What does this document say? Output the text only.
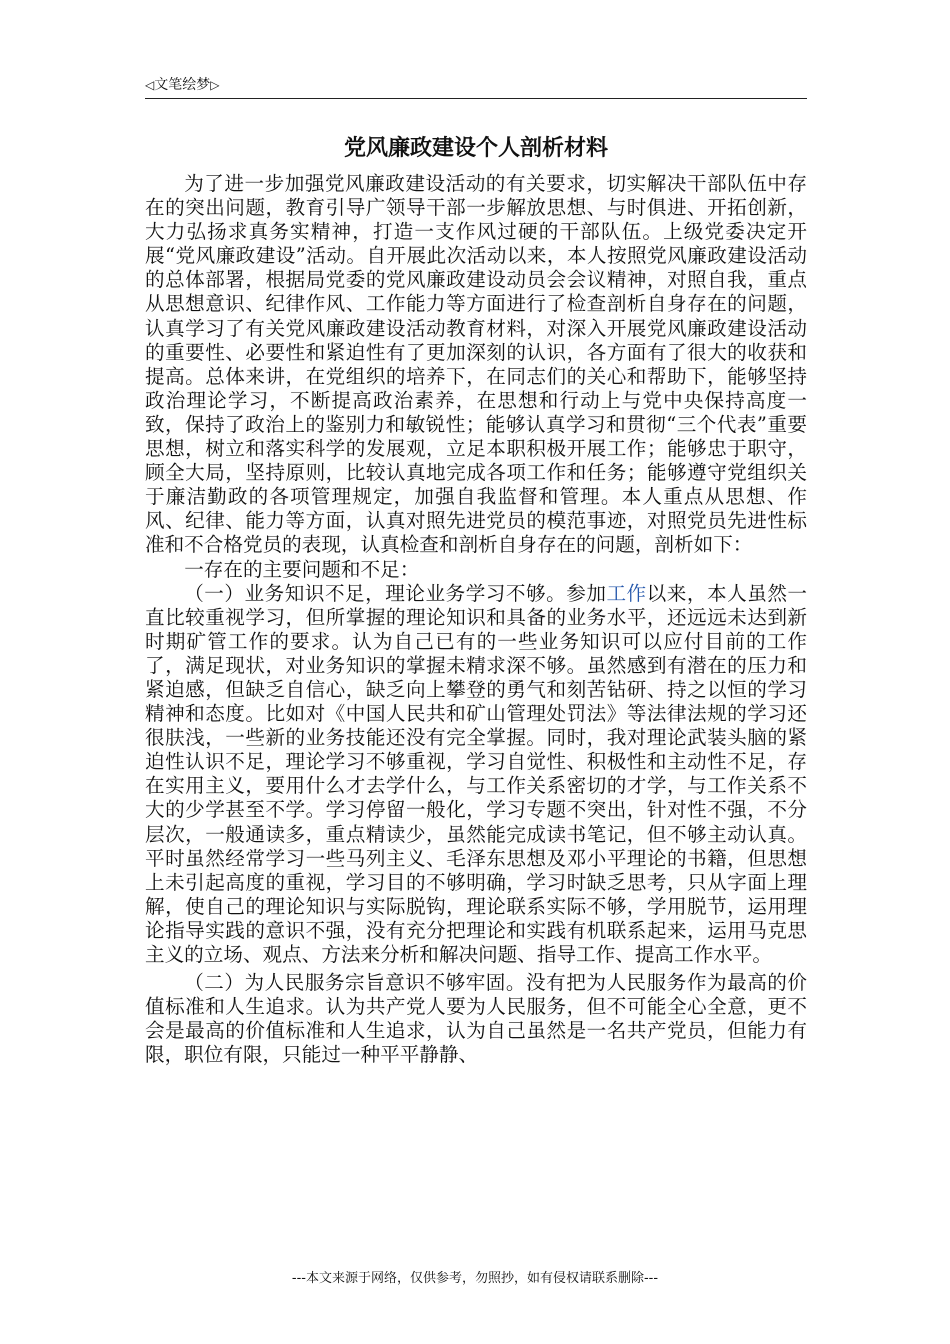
◁文笔绘梦▷
党风廉政建设个人剖析材料

为了进一步加强党风廉政建设活动的有关要求，切实解决干部队伍中存在的突出问题，教育引导广领导干部一步解放思想、与时俱进、开拓创新，大力弘扬求真务实精神，打造一支作风过硬的干部队伍。上级党委决定开展“党风廉政建设”活动。自开展此次活动以来，本人按照党风廉政建设活动的总体部署，根据局党委的党风廉政建设动员会会议精神，对照自我，重点从思想意识、纪律作风、工作能力等方面进行了检查剖析自身存在的问题，认真学习了有关党风廉政建设活动教育材料，对深入开展党风廉政建设活动的重要性、必要性和紧迫性有了更加深刻的认识，各方面有了很大的收获和提高。总体来讲，在党组织的培养下，在同志们的关心和帮助下，能够坚持政治理论学习，不断提高政治素养，在思想和行动上与党中央保持高度一致，保持了政治上的鉴别力和敏锐性；能够认真学习和贯彻“三个代表”重要思想，树立和落实科学的发展观，立足本职积极开展工作；能够忠于职守，顾全大局，坚持原则，比较认真地完成各项工作和任务；能够遵守党组织关于廉洁勤政的各项管理规定，加强自我监督和管理。本人重点从思想、作风、纪律、能力等方面，认真对照先进党员的模范事迹，对照党员先进性标准和不合格党员的表现，认真检查和剖析自身存在的问题，剖析如下：

一存在的主要问题和不足：

（一）业务知识不足，理论业务学习不够。参加工作以来，本人虽然一直比较重视学习，但所掌握的理论知识和具备的业务水平，还远远未达到新时期矿管工作的要求。认为自己已有的一些业务知识可以应付目前的工作了，满足现状，对业务知识的掌握未精求深不够。虽然感到有潜在的压力和紧迫感，但缺乏自信心，缺乏向上攀登的勇气和刻苦钻研、持之以恒的学习精神和态度。比如对《中国人民共和矿山管理处罚法》等法律法规的学习还很肤浅，一些新的业务技能还没有完全掌握。同时，我对理论武装头脑的紧迫性认识不足，理论学习不够重视，学习自觉性、积极性和主动性不足，存在实用主义，要用什么才去学什么，与工作关系密切的才学，与工作关系不大的少学甚至不学。学习停留一般化，学习专题不突出，针对性不强，不分层次，一般通读多，重点精读少，虽然能完成读书笔记，但不够主动认真。平时虽然经常学习一些马列主义、毛泽东思想及邓小平理论的书籍，但思想上未引起高度的重视，学习目的不够明确，学习时缺乏思考，只从字面上理解，使自己的理论知识与实际脱钩，理论联系实际不够，学用脱节，运用理论指导实践的意识不强，没有充分把理论和实践有机联系起来，运用马克思主义的立场、观点、方法来分析和解决问题、指导工作、提高工作水平。

（二）为人民服务宗旨意识不够牢固。没有把为人民服务作为最高的价值标准和人生追求。认为共产党人要为人民服务，但不可能全心全意，更不会是最高的价值标准和人生追求，认为自己虽然是一名共产党员，但能力有限，职位有限，只能过一种平平静静、

---本文来源于网络，仅供参考，勿照抄，如有侵权请联系删除---
